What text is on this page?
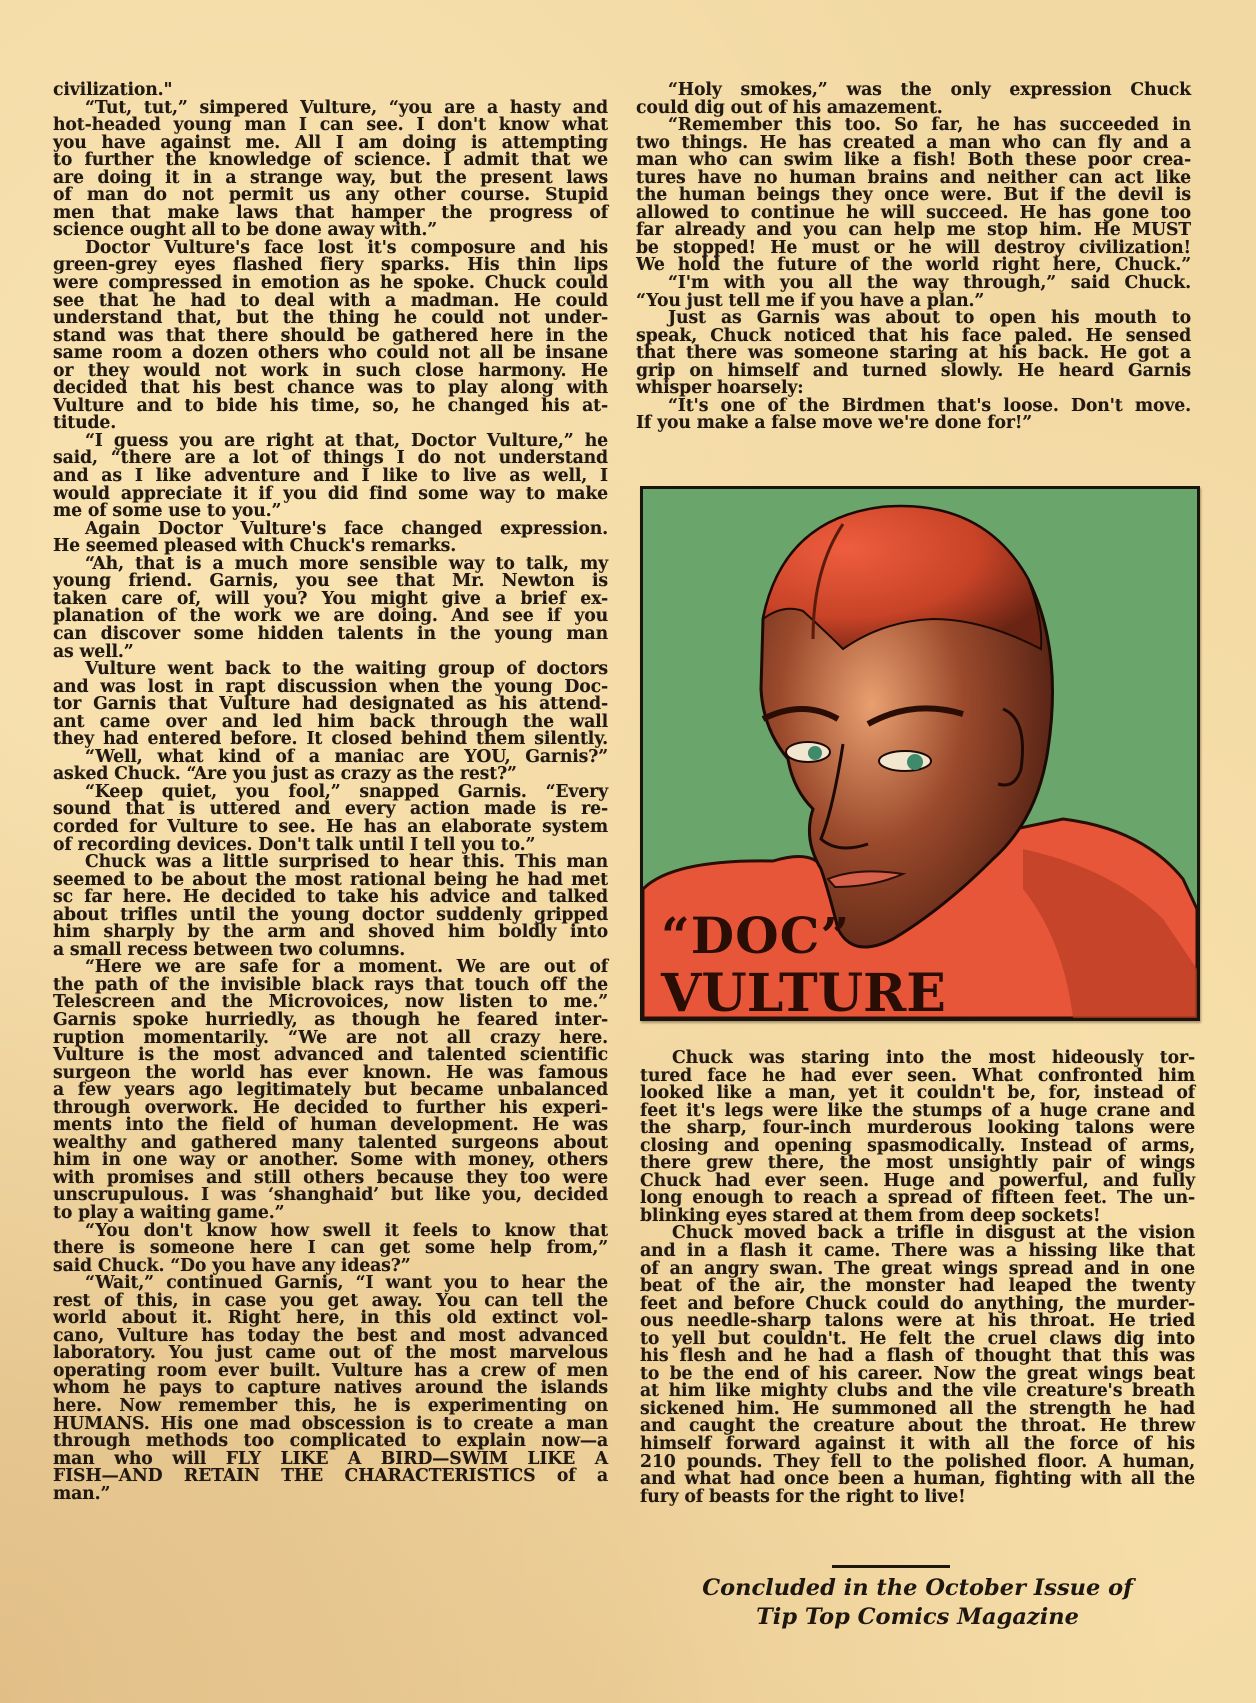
civilization."
“Tut, tut,” simpered Vulture, “you are a hasty and
hot-headed young man I can see. I don't know what
you have against me. All I am doing is attempting
to further the knowledge of science. I admit that we
are doing it in a strange way, but the present laws
of man do not permit us any other course. Stupid
men that make laws that hamper the progress of
science ought all to be done away with.”
Doctor Vulture's face lost it's composure and his
green-grey eyes flashed fiery sparks. His thin lips
were compressed in emotion as he spoke. Chuck could
see that he had to deal with a madman. He could
understand that, but the thing he could not under-
stand was that there should be gathered here in the
same room a dozen others who could not all be insane
or they would not work in such close harmony. He
decided that his best chance was to play along with
Vulture and to bide his time, so, he changed his at-
titude.
“I guess you are right at that, Doctor Vulture,” he
said, “there are a lot of things I do not understand
and as I like adventure and I like to live as well, I
would appreciate it if you did find some way to make
me of some use to you.”
Again Doctor Vulture's face changed expression.
He seemed pleased with Chuck's remarks.
“Ah, that is a much more sensible way to talk, my
young friend. Garnis, you see that Mr. Newton is
taken care of, will you? You might give a brief ex-
planation of the work we are doing. And see if you
can discover some hidden talents in the young man
as well.”
Vulture went back to the waiting group of doctors
and was lost in rapt discussion when the young Doc-
tor Garnis that Vulture had designated as his attend-
ant came over and led him back through the wall
they had entered before. It closed behind them silently.
“Well, what kind of a maniac are YOU, Garnis?”
asked Chuck. “Are you just as crazy as the rest?”
“Keep quiet, you fool,” snapped Garnis. “Every
sound that is uttered and every action made is re-
corded for Vulture to see. He has an elaborate system
of recording devices. Don't talk until I tell you to.”
Chuck was a little surprised to hear this. This man
seemed to be about the most rational being he had met
sc far here. He decided to take his advice and talked
about trifles until the young doctor suddenly gripped
him sharply by the arm and shoved him boldly into
a small recess between two columns.
“Here we are safe for a moment. We are out of
the path of the invisible black rays that touch off the
Telescreen and the Microvoices, now listen to me.”
Garnis spoke hurriedly, as though he feared inter-
ruption momentarily. “We are not all crazy here.
Vulture is the most advanced and talented scientific
surgeon the world has ever known. He was famous
a few years ago legitimately but became unbalanced
through overwork. He decided to further his experi-
ments into the field of human development. He was
wealthy and gathered many talented surgeons about
him in one way or another. Some with money, others
with promises and still others because they too were
unscrupulous. I was ‘shanghaid’ but like you, decided
to play a waiting game.”
“You don't know how swell it feels to know that
there is someone here I can get some help from,”
said Chuck. “Do you have any ideas?”
“Wait,” continued Garnis, “I want you to hear the
rest of this, in case you get away. You can tell the
world about it. Right here, in this old extinct vol-
cano, Vulture has today the best and most advanced
laboratory. You just came out of the most marvelous
operating room ever built. Vulture has a crew of men
whom he pays to capture natives around the islands
here. Now remember this, he is experimenting on
HUMANS. His one mad obscession is to create a man
through methods too complicated to explain now—a
man who will FLY LIKE A BIRD—SWIM LIKE A
FISH—AND RETAIN THE CHARACTERISTICS of a
man.”
“Holy smokes,” was the only expression Chuck
could dig out of his amazement.
“Remember this too. So far, he has succeeded in
two things. He has created a man who can fly and a
man who can swim like a fish! Both these poor crea-
tures have no human brains and neither can act like
the human beings they once were. But if the devil is
allowed to continue he will succeed. He has gone too
far already and you can help me stop him. He MUST
be stopped! He must or he will destroy civilization!
We hold the future of the world right here, Chuck.”
“I'm with you all the way through,” said Chuck.
“You just tell me if you have a plan.”
Just as Garnis was about to open his mouth to
speak, Chuck noticed that his face paled. He sensed
that there was someone staring at his back. He got a
grip on himself and turned slowly. He heard Garnis
whisper hoarsely:
“It's one of the Birdmen that's loose. Don't move.
If you make a false move we're done for!”
“DOC”
VULTURE
Chuck was staring into the most hideously tor-
tured face he had ever seen. What confronted him
looked like a man, yet it couldn't be, for, instead of
feet it's legs were like the stumps of a huge crane and
the sharp, four-inch murderous looking talons were
closing and opening spasmodically. Instead of arms,
there grew there, the most unsightly pair of wings
Chuck had ever seen. Huge and powerful, and fully
long enough to reach a spread of fifteen feet. The un-
blinking eyes stared at them from deep sockets!
Chuck moved back a trifle in disgust at the vision
and in a flash it came. There was a hissing like that
of an angry swan. The great wings spread and in one
beat of the air, the monster had leaped the twenty
feet and before Chuck could do anything, the murder-
ous needle-sharp talons were at his throat. He tried
to yell but couldn't. He felt the cruel claws dig into
his flesh and he had a flash of thought that this was
to be the end of his career. Now the great wings beat
at him like mighty clubs and the vile creature's breath
sickened him. He summoned all the strength he had
and caught the creature about the throat. He threw
himself forward against it with all the force of his
210 pounds. They fell to the polished floor. A human,
and what had once been a human, fighting with all the
fury of beasts for the right to live!
Concluded in the October Issue of
Tip Top Comics Magazine
